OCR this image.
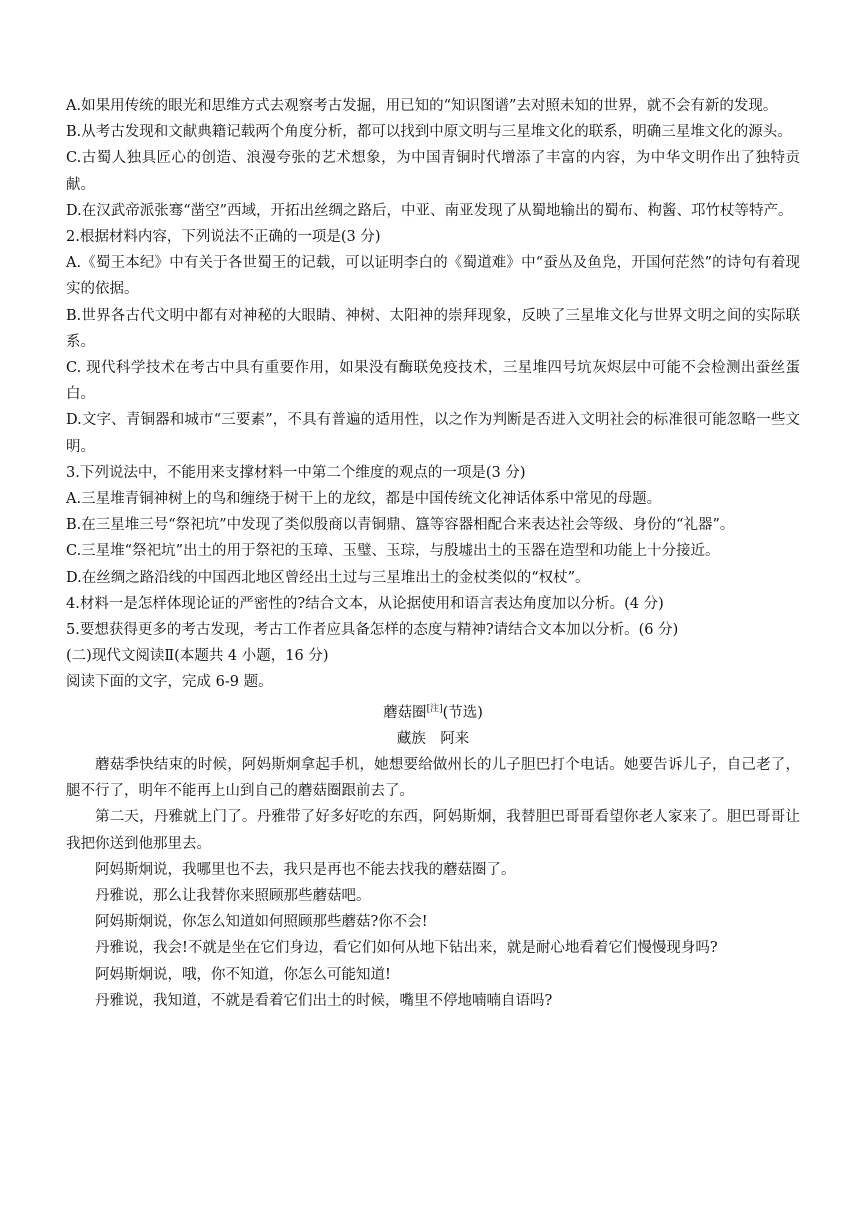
A.如果用传统的眼光和思维方式去观察考古发掘，用已知的“知识图谱”去对照未知的世界，就不会有新的发现。

B.从考古发现和文献典籍记载两个角度分析，都可以找到中原文明与三星堆文化的联系，明确三星堆文化的源头。

C.古蜀人独具匠心的创造、浪漫夸张的艺术想象，为中国青铜时代增添了丰富的内容，为中华文明作出了独特贡献。

D.在汉武帝派张骞“凿空”西域，开拓出丝绸之路后，中亚、南亚发现了从蜀地输出的蜀布、枸酱、邛竹杖等特产。

2.根据材料内容，下列说法不正确的一项是(3 分)

A.《蜀王本纪》中有关于各世蜀王的记载，可以证明李白的《蜀道难》中“蚕丛及鱼凫，开国何茫然”的诗句有着现实的依据。

B.世界各古代文明中都有对神秘的大眼睛、神树、太阳神的崇拜现象，反映了三星堆文化与世界文明之间的实际联系。

C. 现代科学技术在考古中具有重要作用，如果没有酶联免疫技术，三星堆四号坑灰烬层中可能不会检测出蚕丝蛋白。

D.文字、青铜器和城市“三要素”，不具有普遍的适用性，以之作为判断是否进入文明社会的标准很可能忽略一些文明。

3.下列说法中，不能用来支撑材料一中第二个维度的观点的一项是(3 分)

A.三星堆青铜神树上的鸟和缠绕于树干上的龙纹，都是中国传统文化神话体系中常见的母题。

B.在三星堆三号“祭祀坑”中发现了类似殷商以青铜鼎、簋等容器相配合来表达社会等级、身份的“礼器”。

C.三星堆“祭祀坑”出土的用于祭祀的玉璋、玉璧、玉琮，与殷墟出土的玉器在造型和功能上十分接近。

D.在丝绸之路沿线的中国西北地区曾经出土过与三星堆出土的金杖类似的“权杖”。

4.材料一是怎样体现论证的严密性的?结合文本，从论据使用和语言表达角度加以分析。(4 分)

5.要想获得更多的考古发现，考古工作者应具备怎样的态度与精神?请结合文本加以分析。(6 分)

(二)现代文阅读Ⅱ(本题共 4 小题，16 分)

阅读下面的文字，完成 6-9 题。

蘑菇圈[注](节选)

藏族　阿来

蘑菇季快结束的时候，阿妈斯炯拿起手机，她想要给做州长的儿子胆巴打个电话。她要告诉儿子，自己老了，腿不行了，明年不能再上山到自己的蘑菇圈跟前去了。

第二天，丹雅就上门了。丹雅带了好多好吃的东西，阿妈斯炯，我替胆巴哥哥看望你老人家来了。胆巴哥哥让我把你送到他那里去。

阿妈斯炯说，我哪里也不去，我只是再也不能去找我的蘑菇圈了。

丹雅说，那么让我替你来照顾那些蘑菇吧。

阿妈斯炯说，你怎么知道如何照顾那些蘑菇?你不会!

丹雅说，我会!不就是坐在它们身边，看它们如何从地下钻出来，就是耐心地看着它们慢慢现身吗?

阿妈斯炯说，哦，你不知道，你怎么可能知道!

丹雅说，我知道，不就是看着它们出土的时候，嘴里不停地喃喃自语吗?
